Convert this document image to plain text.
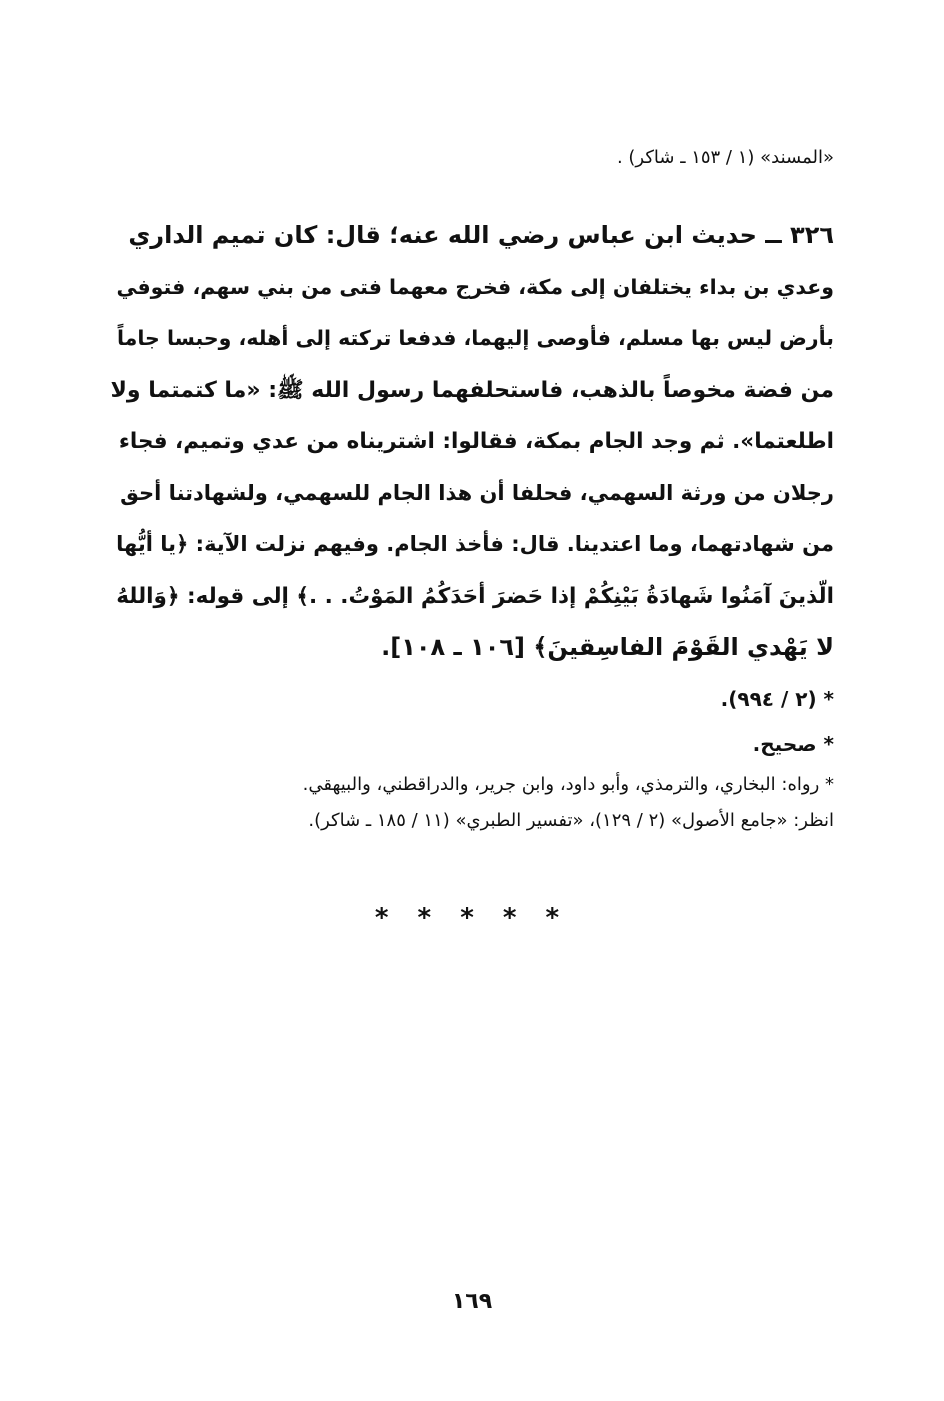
«المسند» (١ / ١٥٣ ـ شاكر) .
٣٢٦ ــ حديث ابن عباس رضي الله عنه؛ قال: كان تميم الداري
وعدي بن بداء يختلفان إلى مكة، فخرج معهما فتى من بني سهم، فتوفي
بأرض ليس بها مسلم، فأوصى إليهما، فدفعا تركته إلى أهله، وحبسا جاماً
من فضة مخوصاً بالذهب، فاستحلفهما رسول الله ﷺ: «ما كتمتما ولا
اطلعتما». ثم وجد الجام بمكة، فقالوا: اشتريناه من عدي وتميم، فجاء
رجلان من ورثة السهمي، فحلفا أن هذا الجام للسهمي، ولشهادتنا أحق
من شهادتهما، وما اعتدينا. قال: فأخذ الجام. وفيهم نزلت الآية: ﴿يا أيُّها
الّذينَ آمَنُوا شَهادَةُ بَيْنِكُمْ إذا حَضرَ أحَدَكُمُ المَوْتُ. . .﴾ إلى قوله: ﴿وَاللهُ
لا يَهْدي القَوْمَ الفاسِقينَ﴾ [١٠٦ ـ ١٠٨].
* (٢ / ٩٩٤).
* صحيح.
* رواه: البخاري، والترمذي، وأبو داود، وابن جرير، والدراقطني، والبيهقي.
انظر: «جامع الأصول» (٢ / ١٢٩)، «تفسير الطبري» (١١ / ١٨٥ ـ شاكر).
* * * * *
١٦٩
